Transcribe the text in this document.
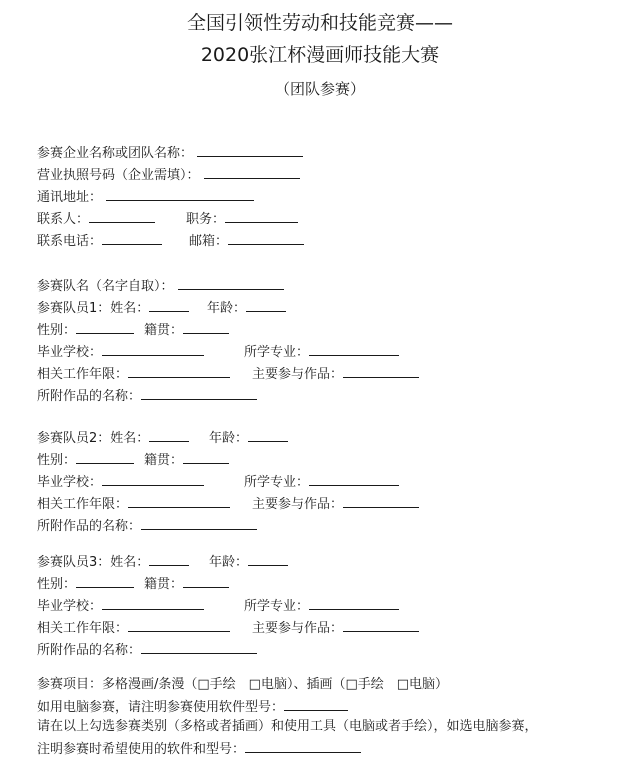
全国引领性劳动和技能竞赛——
2020张江杯漫画师技能大赛
（团队参赛）
参赛企业名称或团队名称：
营业执照号码（企业需填）：
通讯地址：
联系人：	职务：
联系电话：	邮箱：
参赛队名（名字自取）：
参赛队员1：姓名：	年龄：
性别：	籍贯：
毕业学校：	所学专业：
相关工作年限：	主要参与作品：
所附作品的名称：
参赛队员2：姓名：	年龄：
性别：	籍贯：
毕业学校：	所学专业：
相关工作年限：	主要参与作品：
所附作品的名称：
参赛队员3：姓名：	年龄：
性别：	籍贯：
毕业学校：	所学专业：
相关工作年限：	主要参与作品：
所附作品的名称：
参赛项目：多格漫画/条漫（□手绘　□电脑）、插画（□手绘　□电脑）
如用电脑参赛，请注明参赛使用软件型号：
请在以上勾选参赛类别（多格或者插画）和使用工具（电脑或者手绘），如选电脑参赛，
注明参赛时希望使用的软件和型号：
